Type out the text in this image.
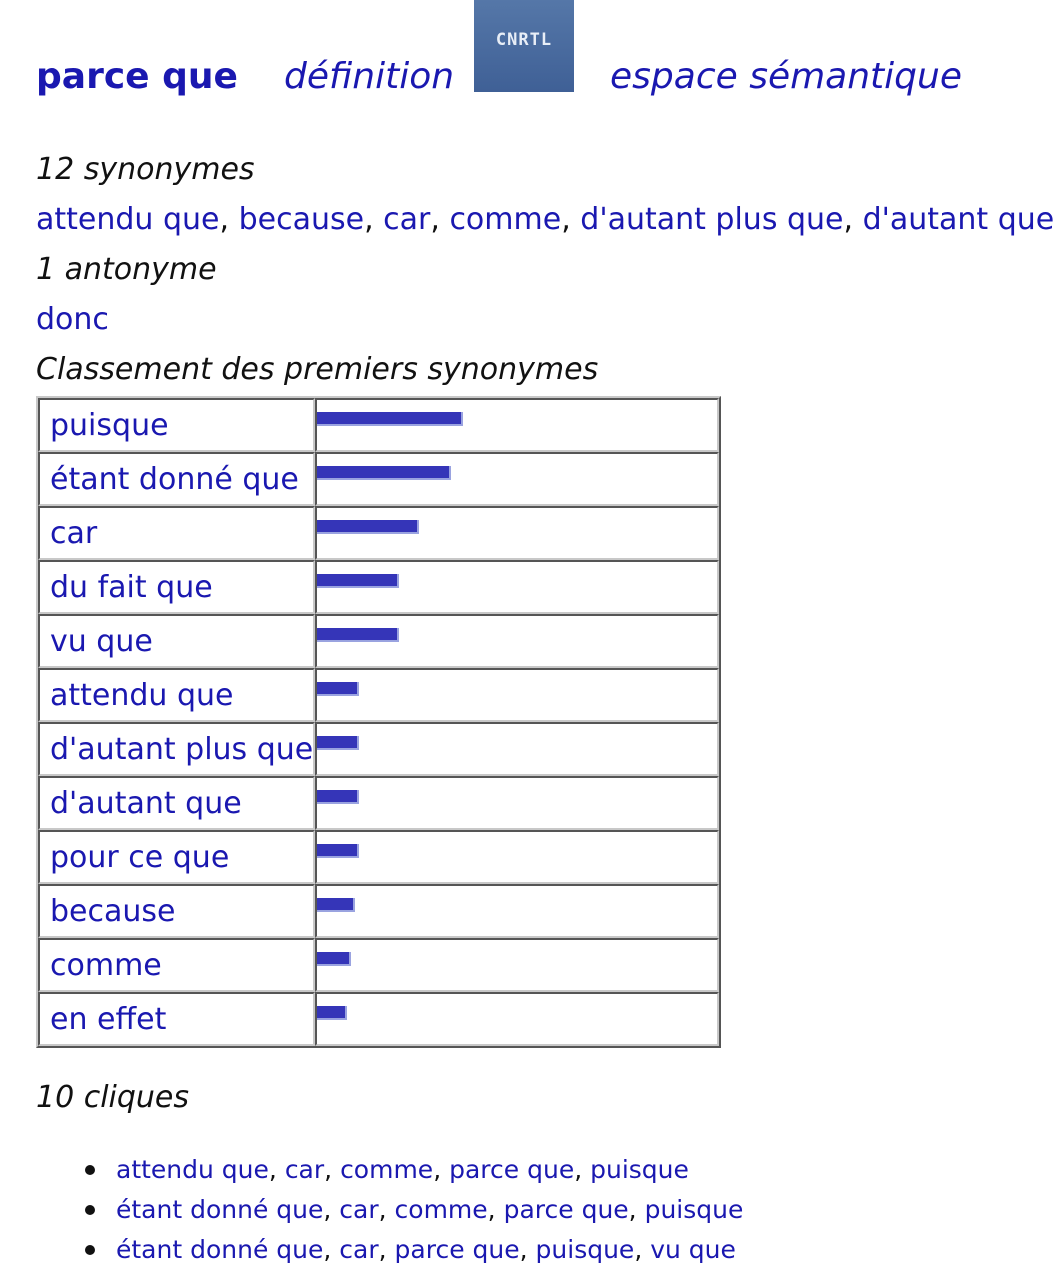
parce que définition
CNRTL
espace sémantique
12 synonymes
attendu que, because, car, comme, d'autant plus que, d'autant que
1 antonyme
donc
Classement des premiers synonymes
puisque	

étant donné que	

car	

du fait que	

vu que	

attendu que	

d'autant plus que	

d'autant que	

pour ce que	

because	

comme	

en effet	
10 cliques
attendu que, car, comme, parce que, puisque
étant donné que, car, comme, parce que, puisque
étant donné que, car, parce que, puisque, vu que
